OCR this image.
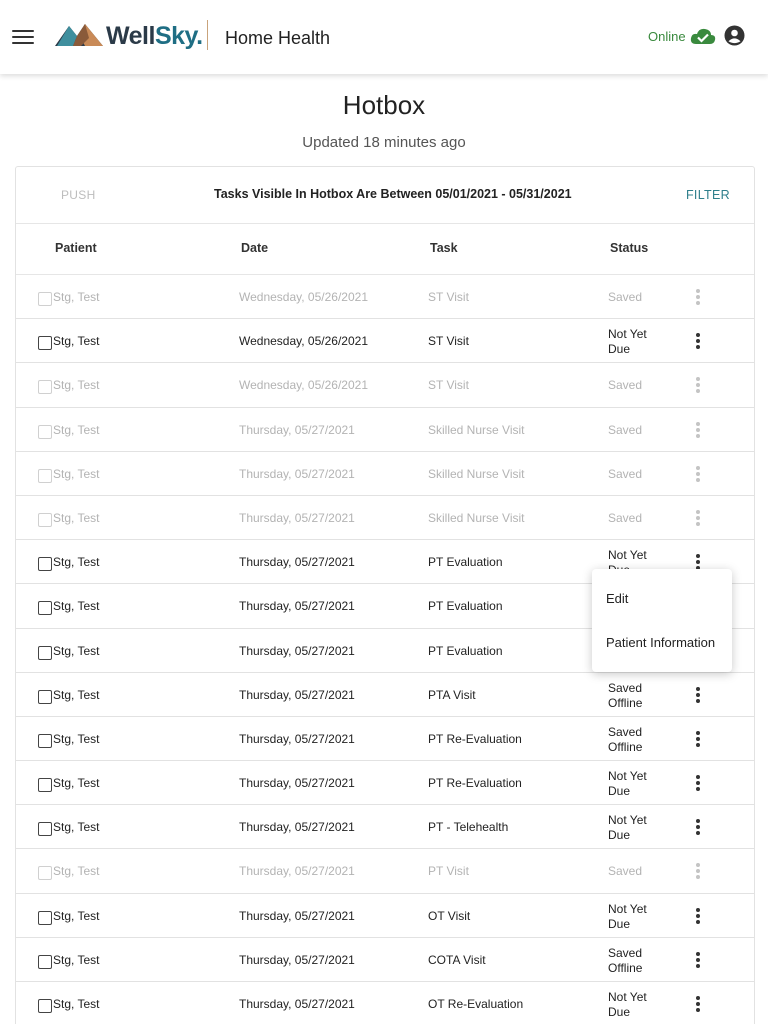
WellSky. Home Health	Online
Hotbox
Updated 18 minutes ago
PUSH	Tasks Visible In Hotbox Are Between 05/01/2021 - 05/31/2021	FILTER
Patient	Date	Task	Status
Stg, Test	Wednesday, 05/26/2021	ST Visit	Saved
Stg, Test	Wednesday, 05/26/2021	ST Visit	Not Yet
Due
Stg, Test	Wednesday, 05/26/2021	ST Visit	Saved
Stg, Test	Thursday, 05/27/2021	Skilled Nurse Visit	Saved
Stg, Test	Thursday, 05/27/2021	Skilled Nurse Visit	Saved
Stg, Test	Thursday, 05/27/2021	Skilled Nurse Visit	Saved
Stg, Test	Thursday, 05/27/2021	PT Evaluation	Not Yet
Stg, Test	Thursday, 05/27/2021	PT Evaluation
Stg, Test	Thursday, 05/27/2021	PT Evaluation
Stg, Test	Thursday, 05/27/2021	PTA Visit	Saved
Offline
Stg, Test	Thursday, 05/27/2021	PT Re-Evaluation	Saved
Offline
Stg, Test	Thursday, 05/27/2021	PT Re-Evaluation	Not Yet
Due
Stg, Test	Thursday, 05/27/2021	PT - Telehealth	Not Yet
Due
Stg, Test	Thursday, 05/27/2021	PT Visit	Saved
Stg, Test	Thursday, 05/27/2021	OT Visit	Not Yet
Due
Stg, Test	Thursday, 05/27/2021	COTA Visit	Saved
Offline
Stg, Test	Thursday, 05/27/2021	OT Re-Evaluation	Not Yet
Due
Edit
Patient Information
